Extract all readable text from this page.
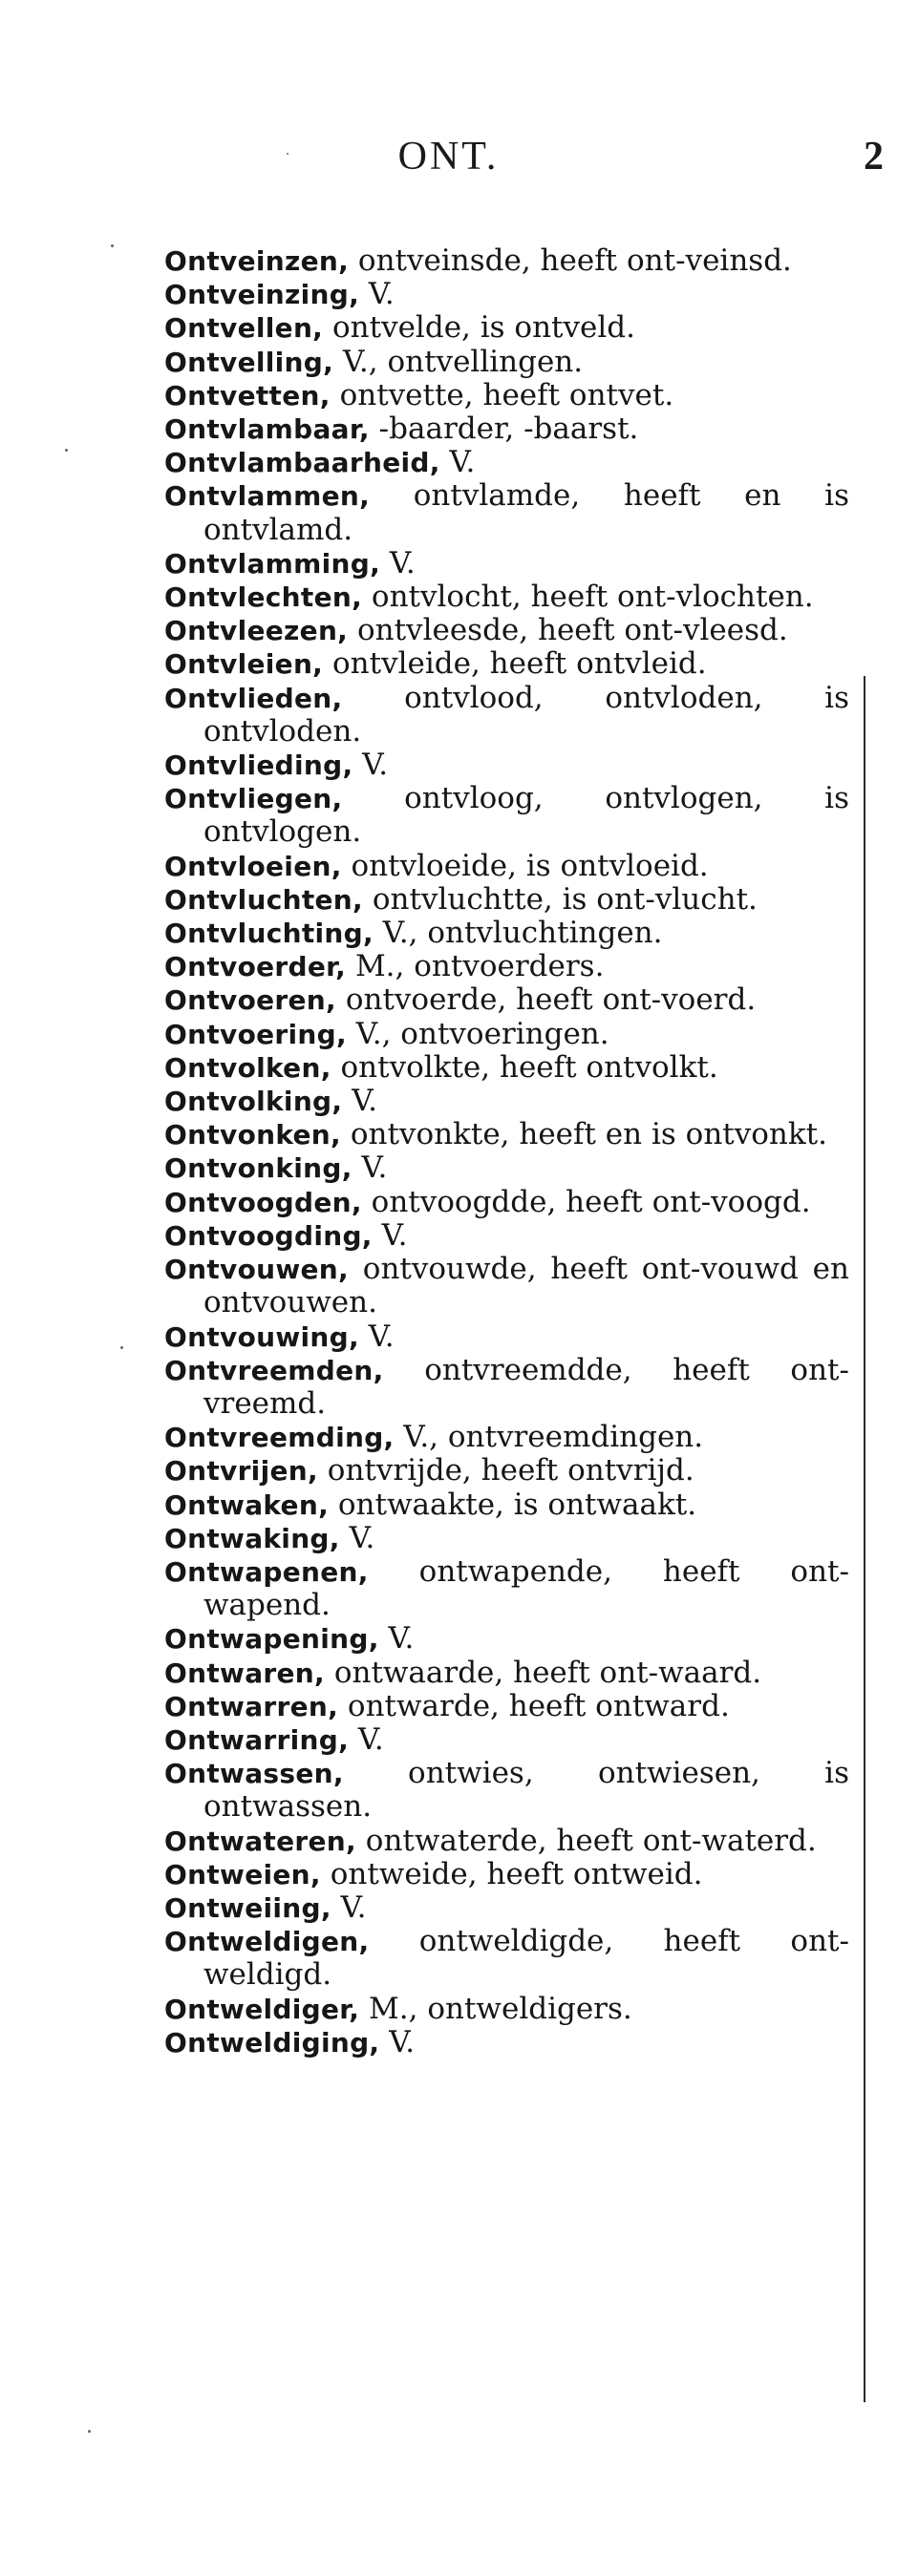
ONT.	2

Ontveinzen, ontveinsde, heeft ont-veinsd.

Ontveinzing, V.

Ontvellen, ontvelde, is ontveld.

Ontvelling, V., ontvellingen.

Ontvetten, ontvette, heeft ontvet.

Ontvlambaar, -baarder, -baarst.

Ontvlambaarheid, V.

Ontvlammen, ontvlamde, heeft en is ontvlamd.

Ontvlamming, V.

Ontvlechten, ontvlocht, heeft ont-vlochten.

Ontvleezen, ontvleesde, heeft ont-vleesd.

Ontvleien, ontvleide, heeft ontvleid.

Ontvlieden, ontvlood, ontvloden, is ontvloden.

Ontvlieding, V.

Ontvliegen, ontvloog, ontvlogen, is ontvlogen.

Ontvloeien, ontvloeide, is ontvloeid.

Ontvluchten, ontvluchtte, is ont-vlucht.

Ontvluchting, V., ontvluchtingen.

Ontvoerder, M., ontvoerders.

Ontvoeren, ontvoerde, heeft ont-voerd.

Ontvoering, V., ontvoeringen.

Ontvolken, ontvolkte, heeft ontvolkt.

Ontvolking, V.

Ontvonken, ontvonkte, heeft en is ontvonkt.

Ontvonking, V.

Ontvoogden, ontvoogdde, heeft ont-voogd.

Ontvoogding, V.

Ontvouwen, ontvouwde, heeft ont-vouwd en ontvouwen.

Ontvouwing, V.

Ontvreemden, ontvreemdde, heeft ont-vreemd.

Ontvreemding, V., ontvreemdingen.

Ontvrijen, ontvrijde, heeft ontvrijd.

Ontwaken, ontwaakte, is ontwaakt.

Ontwaking, V.

Ontwapenen, ontwapende, heeft ont-wapend.

Ontwapening, V.

Ontwaren, ontwaarde, heeft ont-waard.

Ontwarren, ontwarde, heeft ontward.

Ontwarring, V.

Ontwassen, ontwies, ontwiesen, is ontwassen.

Ontwateren, ontwaterde, heeft ont-waterd.

Ontweien, ontweide, heeft ontweid.

Ontweiing, V.

Ontweldigen, ontweldigde, heeft ont-weldigd.

Ontweldiger, M., ontweldigers.

Ontweldiging, V.
